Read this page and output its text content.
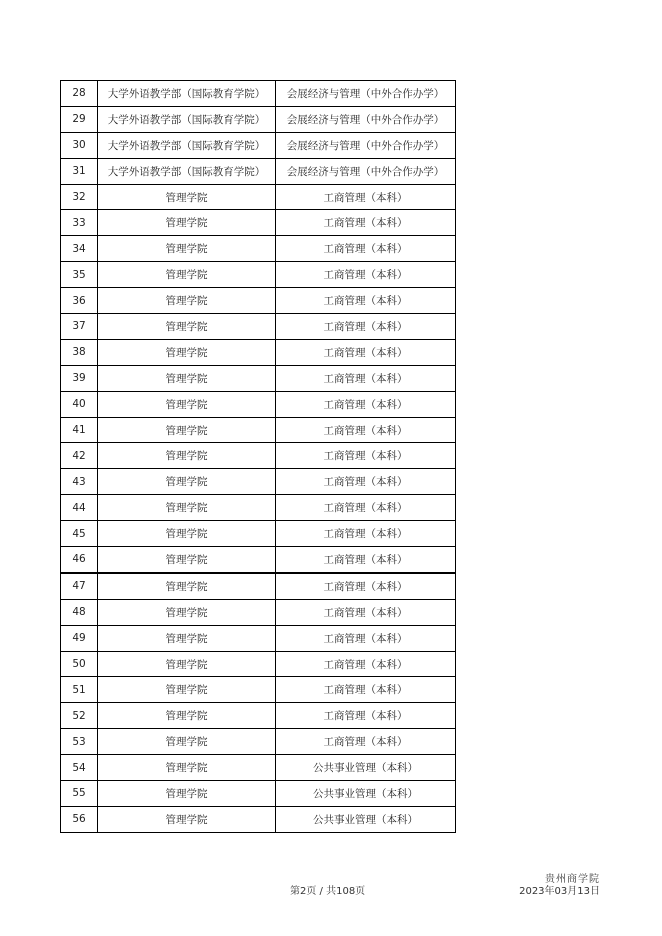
28	大学外语教学部（国际教育学院）	会展经济与管理（中外合作办学）
29	大学外语教学部（国际教育学院）	会展经济与管理（中外合作办学）
30	大学外语教学部（国际教育学院）	会展经济与管理（中外合作办学）
31	大学外语教学部（国际教育学院）	会展经济与管理（中外合作办学）
32	管理学院	工商管理（本科）
33	管理学院	工商管理（本科）
34	管理学院	工商管理（本科）
35	管理学院	工商管理（本科）
36	管理学院	工商管理（本科）
37	管理学院	工商管理（本科）
38	管理学院	工商管理（本科）
39	管理学院	工商管理（本科）
40	管理学院	工商管理（本科）
41	管理学院	工商管理（本科）
42	管理学院	工商管理（本科）
43	管理学院	工商管理（本科）
44	管理学院	工商管理（本科）
45	管理学院	工商管理（本科）
46	管理学院	工商管理（本科）
47	管理学院	工商管理（本科）
48	管理学院	工商管理（本科）
49	管理学院	工商管理（本科）
50	管理学院	工商管理（本科）
51	管理学院	工商管理（本科）
52	管理学院	工商管理（本科）
53	管理学院	工商管理（本科）
54	管理学院	公共事业管理（本科）
55	管理学院	公共事业管理（本科）
56	管理学院	公共事业管理（本科）
第2页 / 共108页
贵州商学院
2023年03月13日
